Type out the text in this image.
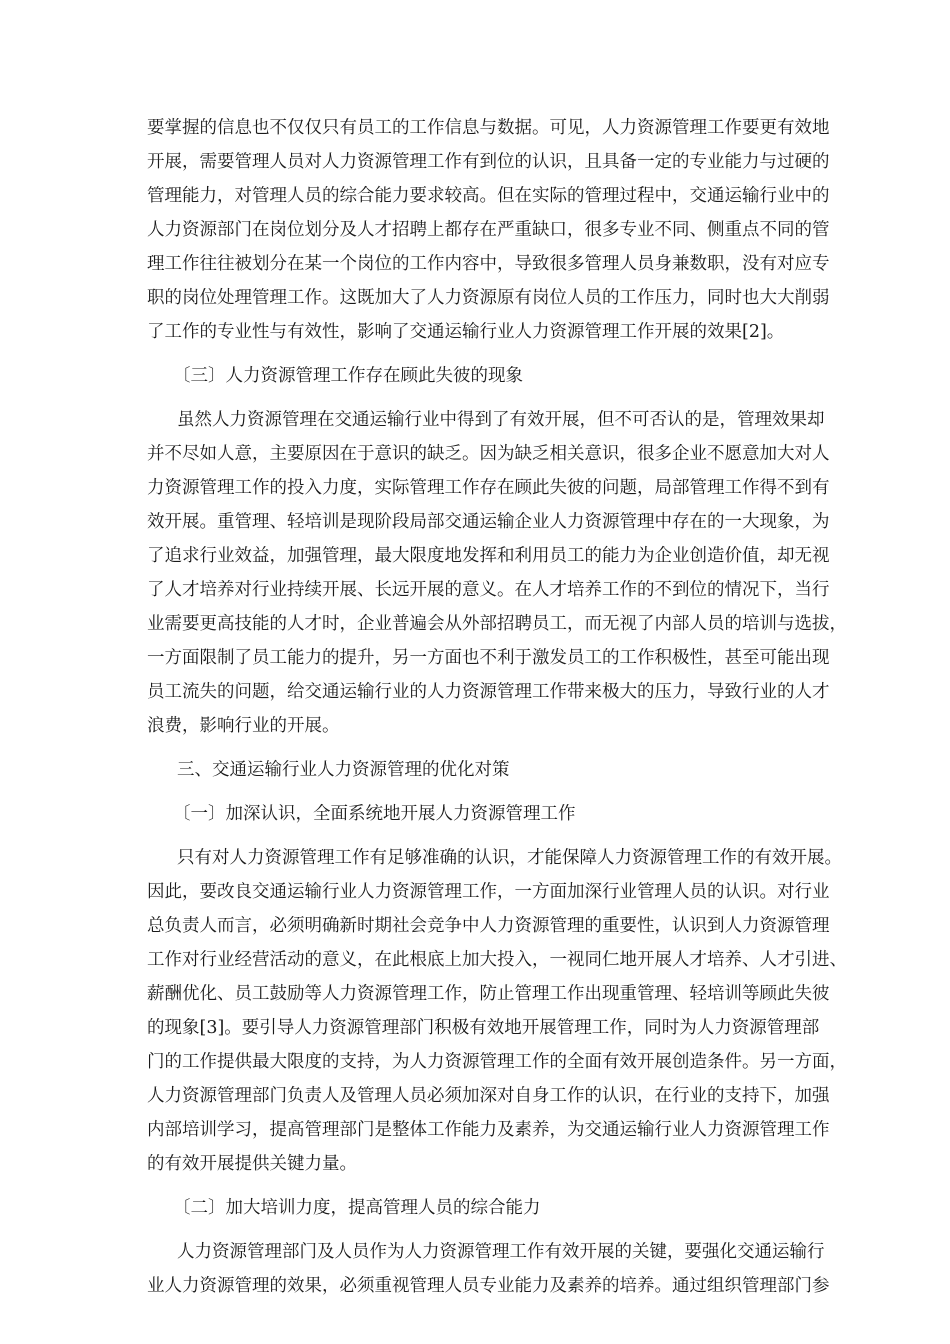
要掌握的信息也不仅仅只有员工的工作信息与数据。可见，人力资源管理工作要更有效地
开展，需要管理人员对人力资源管理工作有到位的认识，且具备一定的专业能力与过硬的
管理能力，对管理人员的综合能力要求较高。但在实际的管理过程中，交通运输行业中的
人力资源部门在岗位划分及人才招聘上都存在严重缺口，很多专业不同、侧重点不同的管
理工作往往被划分在某一个岗位的工作内容中，导致很多管理人员身兼数职，没有对应专
职的岗位处理管理工作。这既加大了人力资源原有岗位人员的工作压力，同时也大大削弱
了工作的专业性与有效性，影响了交通运输行业人力资源管理工作开展的效果[2]。
〔三〕人力资源管理工作存在顾此失彼的现象
虽然人力资源管理在交通运输行业中得到了有效开展，但不可否认的是，管理效果却
并不尽如人意，主要原因在于意识的缺乏。因为缺乏相关意识，很多企业不愿意加大对人
力资源管理工作的投入力度，实际管理工作存在顾此失彼的问题，局部管理工作得不到有
效开展。重管理、轻培训是现阶段局部交通运输企业人力资源管理中存在的一大现象，为
了追求行业效益，加强管理，最大限度地发挥和利用员工的能力为企业创造价值，却无视
了人才培养对行业持续开展、长远开展的意义。在人才培养工作的不到位的情况下，当行
业需要更高技能的人才时，企业普遍会从外部招聘员工，而无视了内部人员的培训与选拔，
一方面限制了员工能力的提升，另一方面也不利于激发员工的工作积极性，甚至可能出现
员工流失的问题，给交通运输行业的人力资源管理工作带来极大的压力，导致行业的人才
浪费，影响行业的开展。
三、交通运输行业人力资源管理的优化对策
〔一〕加深认识，全面系统地开展人力资源管理工作
只有对人力资源管理工作有足够准确的认识，才能保障人力资源管理工作的有效开展。
因此，要改良交通运输行业人力资源管理工作，一方面加深行业管理人员的认识。对行业
总负责人而言，必须明确新时期社会竞争中人力资源管理的重要性，认识到人力资源管理
工作对行业经营活动的意义，在此根底上加大投入，一视同仁地开展人才培养、人才引进、
薪酬优化、员工鼓励等人力资源管理工作，防止管理工作出现重管理、轻培训等顾此失彼
的现象[3]。要引导人力资源管理部门积极有效地开展管理工作，同时为人力资源管理部
门的工作提供最大限度的支持，为人力资源管理工作的全面有效开展创造条件。另一方面，
人力资源管理部门负责人及管理人员必须加深对自身工作的认识，在行业的支持下，加强
内部培训学习，提高管理部门是整体工作能力及素养，为交通运输行业人力资源管理工作
的有效开展提供关键力量。
〔二〕加大培训力度，提高管理人员的综合能力
人力资源管理部门及人员作为人力资源管理工作有效开展的关键，要强化交通运输行
业人力资源管理的效果，必须重视管理人员专业能力及素养的培养。通过组织管理部门参
